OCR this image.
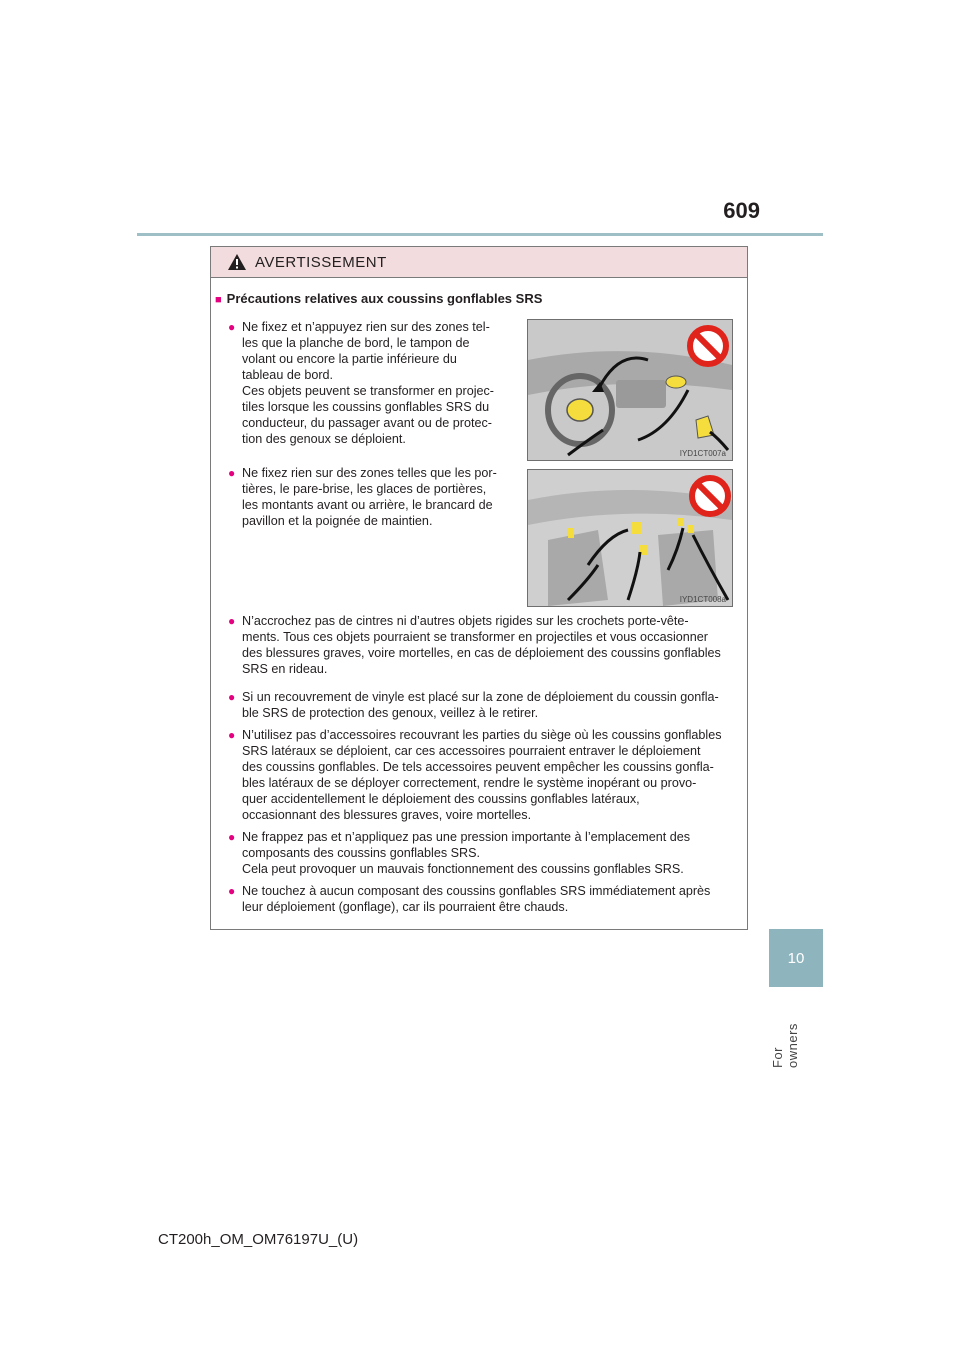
609
10
For owners
AVERTISSEMENT
■ Précautions relatives aux coussins gonflables SRS
● Ne fixez et n’appuyez rien sur des zones tel-
les que la planche de bord, le tampon de
volant ou encore la partie inférieure du
tableau de bord.
Ces objets peuvent se transformer en projec-
tiles lorsque les coussins gonflables SRS du
conducteur, du passager avant ou de protec-
tion des genoux se déploient.
IYD1CT007a
● Ne fixez rien sur des zones telles que les por-
tières, le pare-brise, les glaces de portières,
les montants avant ou arrière, le brancard de
pavillon et la poignée de maintien.
IYD1CT008a
● N’accrochez pas de cintres ni d’autres objets rigides sur les crochets porte-vête-
ments. Tous ces objets pourraient se transformer en projectiles et vous occasionner
des blessures graves, voire mortelles, en cas de déploiement des coussins gonflables
SRS en rideau.
● Si un recouvrement de vinyle est placé sur la zone de déploiement du coussin gonfla-
ble SRS de protection des genoux, veillez à le retirer.
● N’utilisez pas d’accessoires recouvrant les parties du siège où les coussins gonflables
SRS latéraux se déploient, car ces accessoires pourraient entraver le déploiement
des coussins gonflables. De tels accessoires peuvent empêcher les coussins gonfla-
bles latéraux de se déployer correctement, rendre le système inopérant ou provo-
quer accidentellement le déploiement des coussins gonflables latéraux,
occasionnant des blessures graves, voire mortelles.
● Ne frappez pas et n’appliquez pas une pression importante à l’emplacement des
composants des coussins gonflables SRS.
Cela peut provoquer un mauvais fonctionnement des coussins gonflables SRS.
● Ne touchez à aucun composant des coussins gonflables SRS immédiatement après
leur déploiement (gonflage), car ils pourraient être chauds.
CT200h_OM_OM76197U_(U)
